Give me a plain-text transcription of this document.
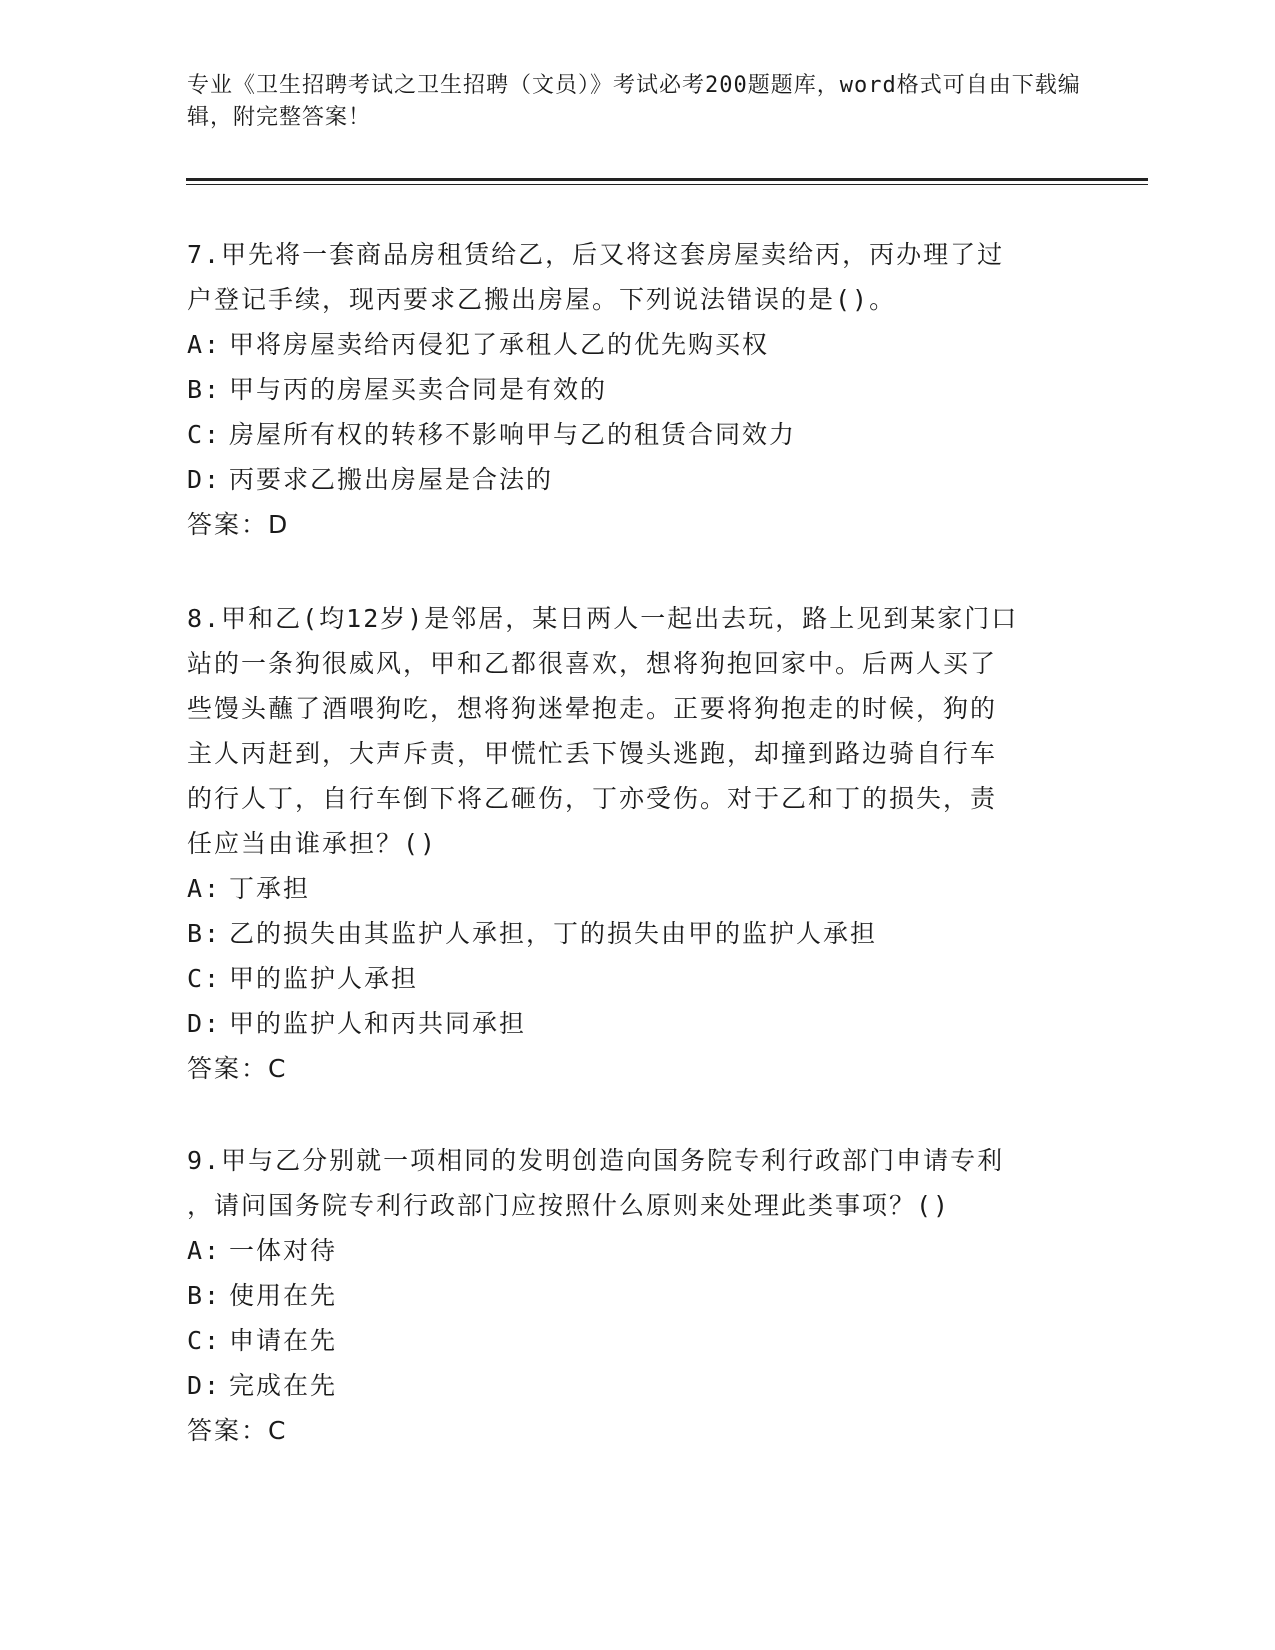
专业《卫生招聘考试之卫生招聘（文员）》考试必考200题题库，word格式可自由下载编辑，附完整答案！

7.甲先将一套商品房租赁给乙，后又将这套房屋卖给丙，丙办理了过

户登记手续，现丙要求乙搬出房屋。下列说法错误的是()。

A: 甲将房屋卖给丙侵犯了承租人乙的优先购买权

B: 甲与丙的房屋买卖合同是有效的

C: 房屋所有权的转移不影响甲与乙的租赁合同效力

D: 丙要求乙搬出房屋是合法的

答案：D

8.甲和乙(均12岁)是邻居，某日两人一起出去玩，路上见到某家门口

站的一条狗很威风，甲和乙都很喜欢，想将狗抱回家中。后两人买了

些馒头蘸了酒喂狗吃，想将狗迷晕抱走。正要将狗抱走的时候，狗的

主人丙赶到，大声斥责，甲慌忙丢下馒头逃跑，却撞到路边骑自行车

的行人丁，自行车倒下将乙砸伤，丁亦受伤。对于乙和丁的损失，责

任应当由谁承担？()

A: 丁承担

B: 乙的损失由其监护人承担，丁的损失由甲的监护人承担

C: 甲的监护人承担

D: 甲的监护人和丙共同承担

答案：C

9.甲与乙分别就一项相同的发明创造向国务院专利行政部门申请专利

，请问国务院专利行政部门应按照什么原则来处理此类事项？()

A: 一体对待

B: 使用在先

C: 申请在先

D: 完成在先

答案：C
